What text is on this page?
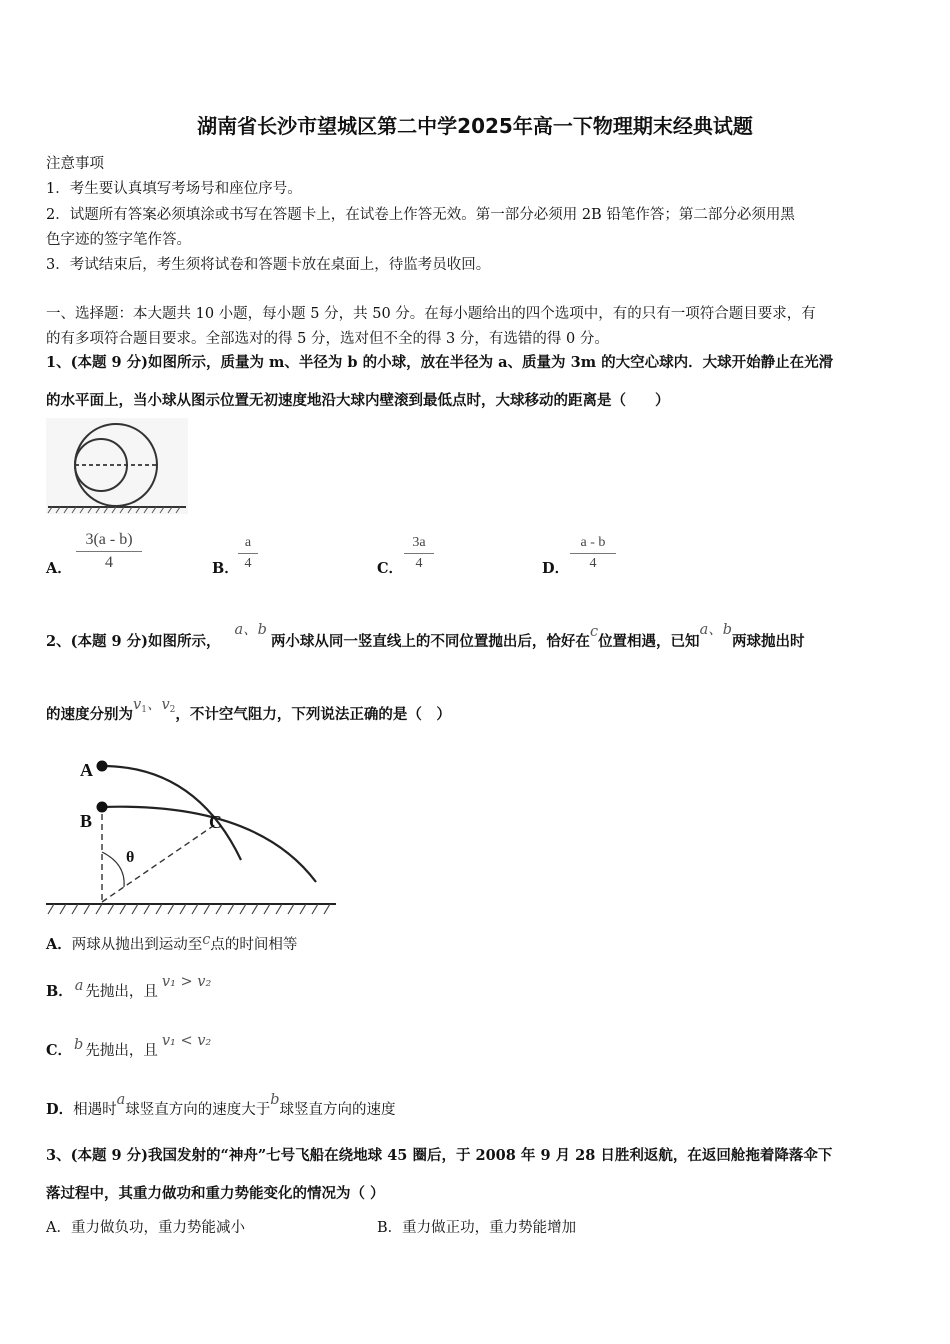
湖南省长沙市望城区第二中学2025年高一下物理期末经典试题
注意事项
1．考生要认真填写考场号和座位序号。
2．试题所有答案必须填涂或书写在答题卡上，在试卷上作答无效。第一部分必须用 2B 铅笔作答；第二部分必须用黑
色字迹的签字笔作答。
3．考试结束后，考生须将试卷和答题卡放在桌面上，待监考员收回。
一、选择题：本大题共 10 小题，每小题 5 分，共 50 分。在每小题给出的四个选项中，有的只有一项符合题目要求，有
的有多项符合题目要求。全部选对的得 5 分，选对但不全的得 3 分，有选错的得 0 分。
1、(本题 9 分)如图所示，质量为 m、半径为 b 的小球，放在半径为 a、质量为 3m 的大空心球内．大球开始静止在光滑
的水平面上，当小球从图示位置无初速度地沿大球内壁滚到最低点时，大球移动的距离是（　　）
A．
3(a - b)
4	B．
a
4	C．
3a
4	D．
a - b
4
2、(本题 9 分)如图所示，a、b两小球从同一竖直线上的不同位置抛出后，恰好在c位置相遇，已知a、b两球抛出时
的速度分别为$v_1$、$v_2$，不计空气阻力，下列说法正确的是（　）
A
B	C
θ
A．两球从抛出到运动至c点的时间相等
B． a 先抛出，且v₁ > v₂
C． b 先抛出，且v₁ < v₂
D．相遇时a球竖直方向的速度大于b球竖直方向的速度
3、(本题 9 分)我国发射的“神舟”七号飞船在绕地球 45 圈后，于 2008 年 9 月 28 日胜利返航，在返回舱拖着降落伞下
落过程中，其重力做功和重力势能变化的情况为（ ）
A．重力做负功，重力势能减小	B．重力做正功，重力势能增加
